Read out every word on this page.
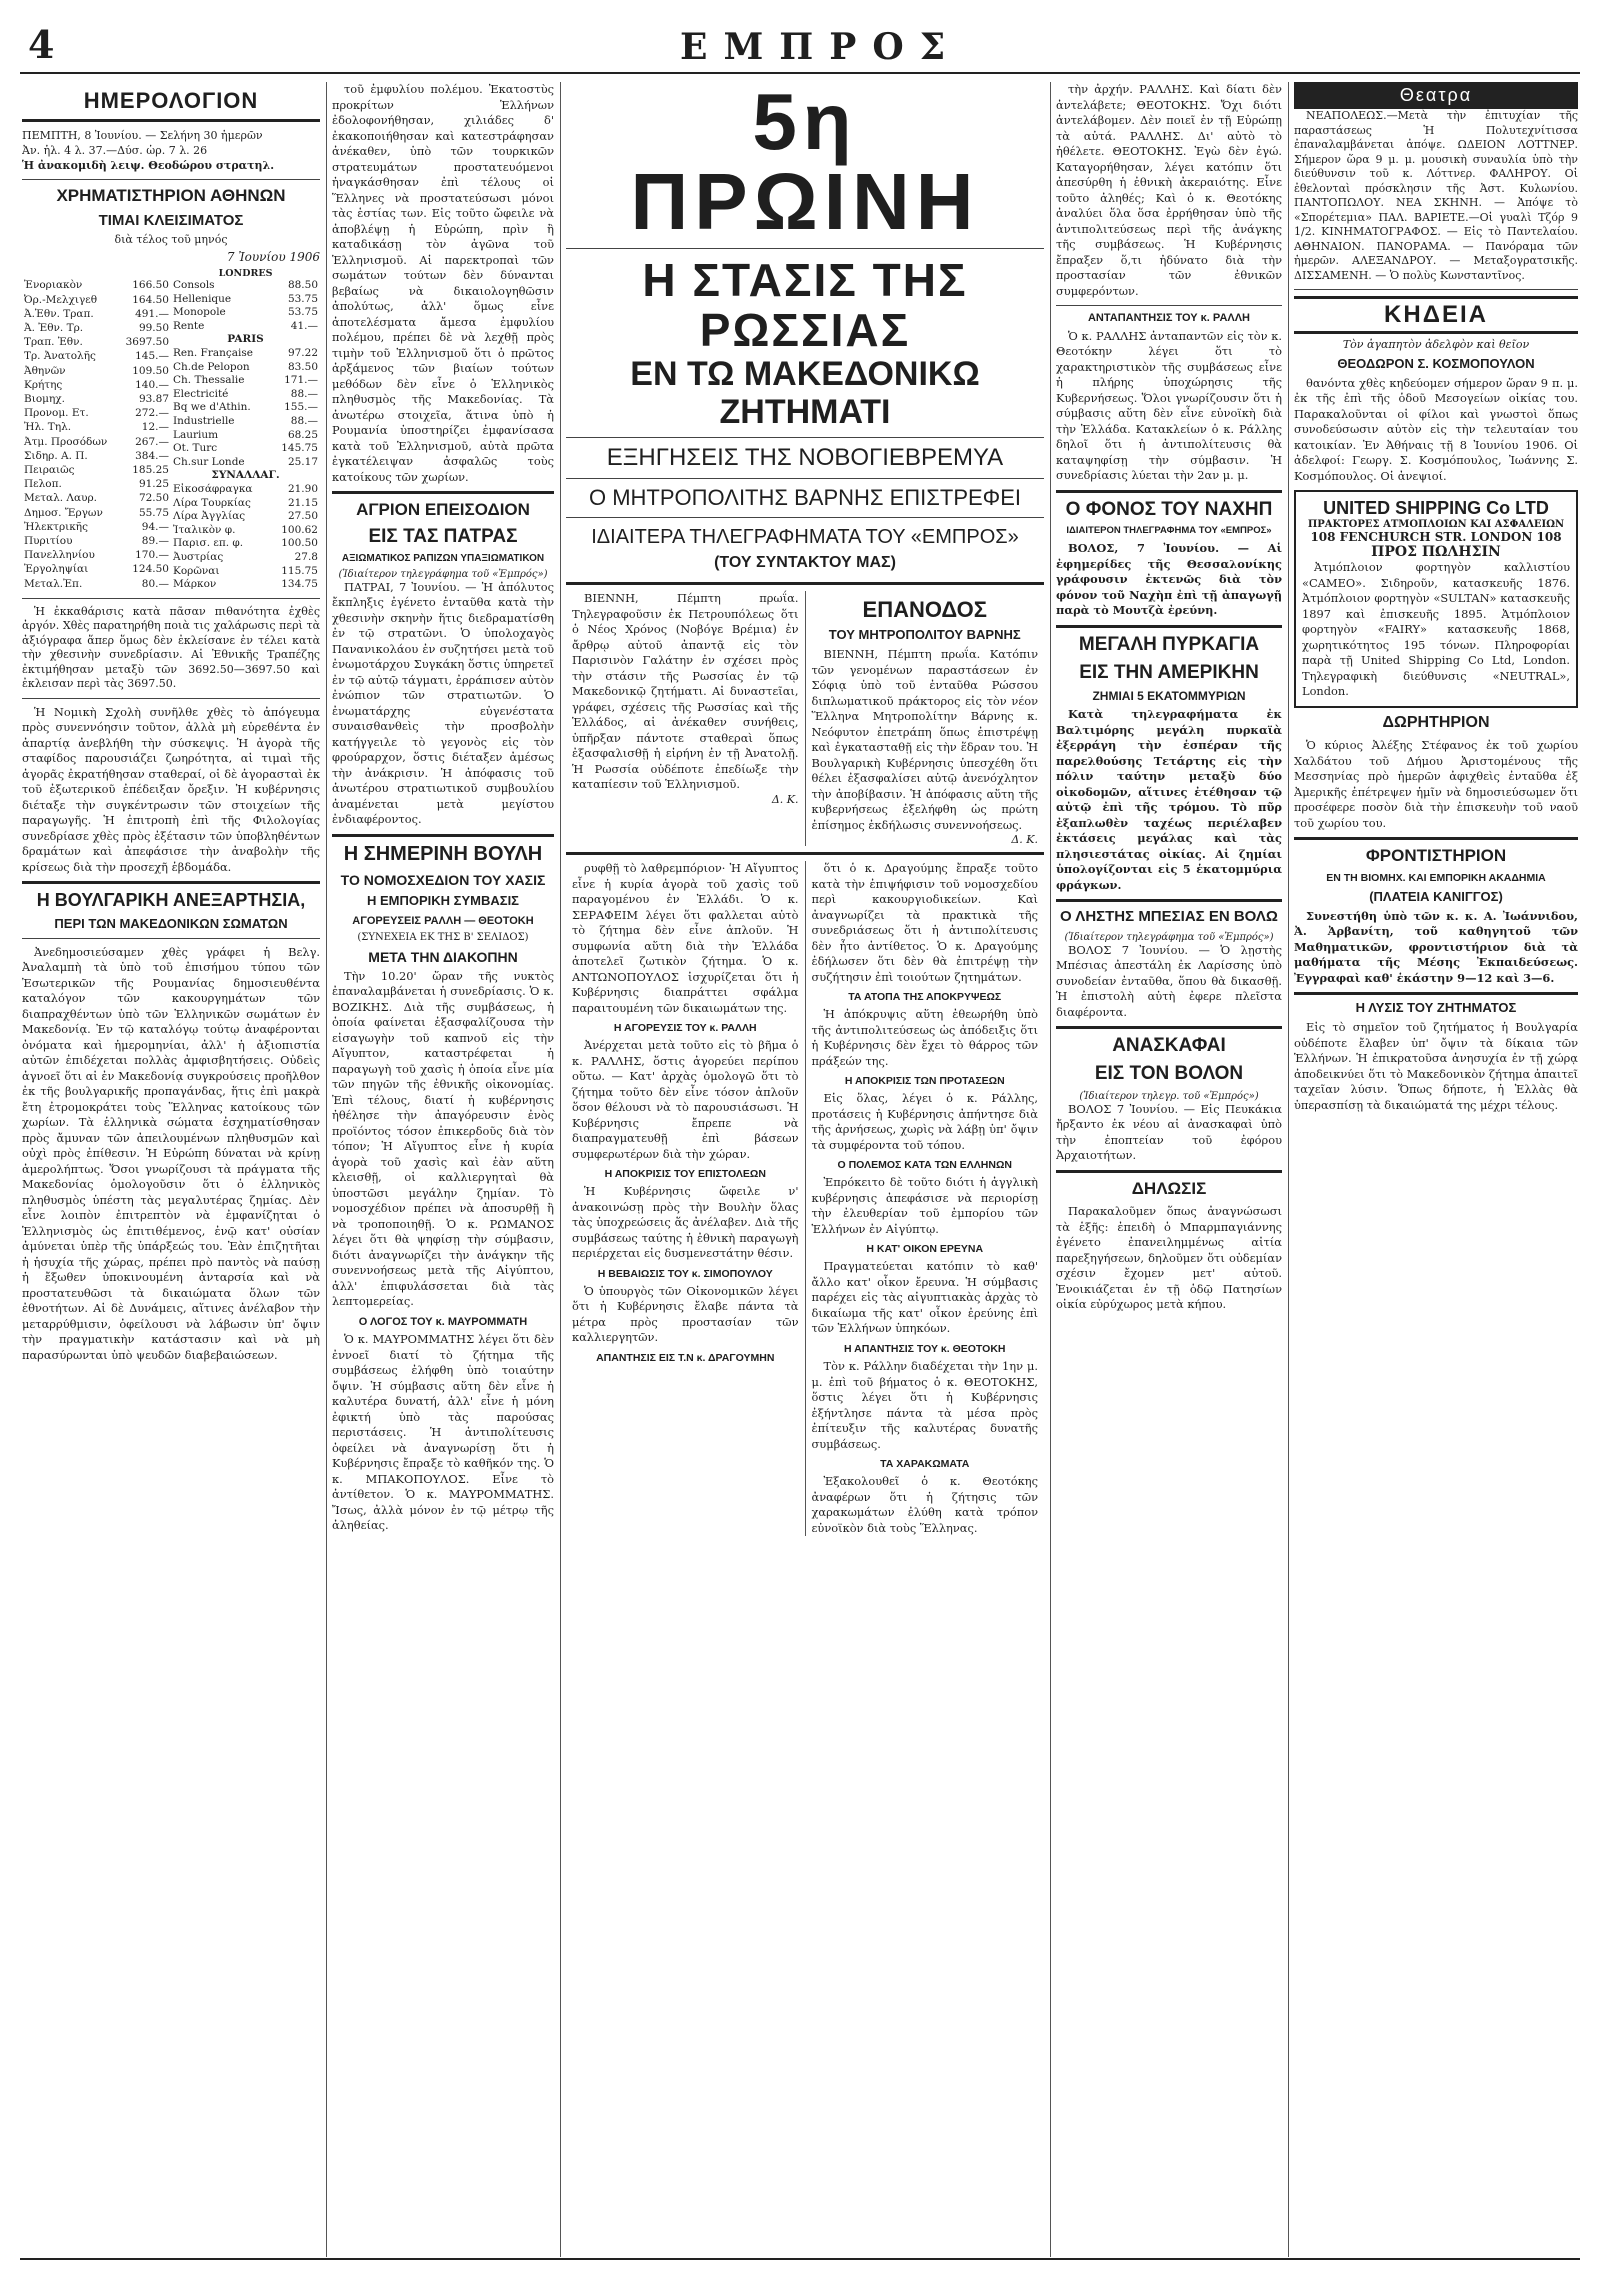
4	ΕΜΠΡΟΣ
ΗΜΕΡΟΛΟΓΙΟΝ
ΠΕΜΠΤΗ, 8 Ἰουνίου. — Σελήνη 30 ἡμερῶν
Ἀν. ἡλ. 4 λ. 37.—Δύσ. ὡρ. 7 λ. 26
Ἡ ἀνακομιδὴ λειψ. Θεοδώρου στρατηλ.
ΧΡΗΜΑΤΙΣΤΗΡΙΟΝ ΑΘΗΝΩΝ
ΤΙΜΑΙ ΚΛΕΙΣΙΜΑΤΟΣ
διὰ τέλος τοῦ μηνός
7 Ἰουνίου 1906
LONDRES
Ἐνοριακὸν	166.50
Ὀρ.-Μελχιγεθ	164.50
Ἀ.Ἐθν. Τραπ.	491.—
Ἀ. Ἐθν. Τρ.	99.50
Τραπ. Ἐθν.	3697.50
Τρ. Ἀνατολῆς	145.—
Ἀθηνῶν	109.50
Κρήτης	140.—
Βιομηχ.	93.87
Προνομ. Ετ.	272.—
Ἠλ. Τηλ.	12.—
Ἀτμ. Προσόδων	267.—
Σιδηρ. Α. Π.	384.—
Πειραιῶς	185.25
Πελοπ.	91.25
Μεταλ. Λαυρ.	72.50
Δημοσ. Ἔργων	55.75
Ἠλεκτρικῆς	94.—
Πυριτίου	89.—
Πανελληνίου	170.—
Ἐργοληψίαι	124.50
Μεταλ.Ἐπ.	80.—
Consols	88.50
Hellenique	53.75
Monopole	53.75
Rente	41.—
PARIS	
Ren. Française	97.22
Ch.de Pelopon	83.50
Ch. Thessalie	171.—
Electricité	88.—
Bq we d'Athin.	155.—
Industrielle	88.—
Laurium	68.25
Ot. Turc	145.75
Ch.sur Londe	25.17
ΣΥΝΑΛΛΑΓ.	
Εἰκοσάφραγκα	21.90
Λίρα Τουρκίας	21.15
Λίρα Ἀγγλίας	27.50
Ἰταλικὸν φ.	100.62
Παρισ. επ. φ.	100.50
Ἀυστρίας	27.8
Κορῶναι	115.75
Μάρκον	134.75

Ἡ ἐκκαθάρισις κατὰ πᾶσαν πιθανότητα ἐχθὲς ἀργόν. Χθὲς παρατηρήθη ποιὰ τις χαλάρωσις περὶ τὰ ἀξιόγραφα ἅπερ ὅμως δὲν ἐκλείσανε ἐν τέλει κατὰ τὴν χθεσινὴν συνεδρίασιν. Αἱ Ἐθνικῆς Τραπέζης ἐκτιμήθησαν μεταξὺ τῶν 3692.50—3697.50 καὶ ἐκλεισαν περὶ τὰς 3697.50.

Ἡ Νομικὴ Σχολὴ συνῆλθε χθὲς τὸ ἀπόγευμα πρὸς συνεννόησιν τοῦτον, ἀλλὰ μὴ εὑρεθέντα ἐν ἀπαρτίᾳ ἀνεβλήθη τὴν σύσκεψις. Ἡ ἀγορὰ τῆς σταφίδος παρουσιάζει ζωηρότητα, αἱ τιμαὶ τῆς ἀγορᾶς ἐκρατήθησαν σταθεραί, οἱ δὲ ἀγορασταὶ ἐκ τοῦ ἐξωτερικοῦ ἐπέδειξαν ὄρεξιν. Ἡ κυβέρνησις διέταξε τὴν συγκέντρωσιν τῶν στοιχείων τῆς παραγωγῆς. Ἡ ἐπιτροπὴ ἐπὶ τῆς Φιλολογίας συνεδρίασε χθὲς πρὸς ἐξέτασιν τῶν ὑποβληθέντων δραμάτων καὶ ἀπεφάσισε τὴν ἀναβολὴν τῆς κρίσεως διὰ τὴν προσεχῆ ἑβδομάδα.

Η ΒΟΥΛΓΑΡΙΚΗ ΑΝΕΞΑΡΤΗΣΙΑ,
ΠΕΡΙ ΤΩΝ ΜΑΚΕΔΟΝΙΚΩΝ ΣΩΜΑΤΩΝ

Ἀνεδημοσιεύσαμεν χθὲς γράφει ἡ Βελγ. Ἀναλαμπὴ τὰ ὑπὸ τοῦ ἐπισήμου τύπου τῶν Ἐσωτερικῶν τῆς Ρουμανίας δημοσιευθέντα καταλόγον τῶν κακουργημάτων τῶν διαπραχθέντων ὑπὸ τῶν Ἑλληνικῶν σωμάτων ἐν Μακεδονίᾳ. Ἐν τῷ καταλόγῳ τούτῳ ἀναφέρονται ὀνόματα καὶ ἡμερομηνίαι, ἀλλ' ἡ ἀξιοπιστία αὐτῶν ἐπιδέχεται πολλὰς ἀμφισβητήσεις. Οὐδεὶς ἀγνοεῖ ὅτι αἱ ἐν Μακεδονίᾳ συγκρούσεις προῆλθον ἐκ τῆς βουλγαρικῆς προπαγάνδας, ἥτις ἐπὶ μακρὰ ἔτη ἐτρομοκράτει τοὺς Ἕλληνας κατοίκους τῶν χωρίων. Τὰ ἑλληνικὰ σώματα ἐσχηματίσθησαν πρὸς ἄμυναν τῶν ἀπειλουμένων πληθυσμῶν καὶ οὐχὶ πρὸς ἐπίθεσιν. Ἡ Εὐρώπη δύναται νὰ κρίνῃ ἀμερολήπτως. Ὅσοι γνωρίζουσι τὰ πράγματα τῆς Μακεδονίας ὁμολογοῦσιν ὅτι ὁ ἑλληνικὸς πληθυσμὸς ὑπέστη τὰς μεγαλυτέρας ζημίας. Δὲν εἶνε λοιπὸν ἐπιτρεπτὸν νὰ ἐμφανίζηται ὁ Ἑλληνισμὸς ὡς ἐπιτιθέμενος, ἐνῷ κατ' οὐσίαν ἀμύνεται ὑπὲρ τῆς ὑπάρξεώς του. Ἐὰν ἐπιζητῆται ἡ ἡσυχία τῆς χώρας, πρέπει πρὸ παντὸς νὰ παύσῃ ἡ ἔξωθεν ὑποκινουμένη ἀνταρσία καὶ νὰ προστατευθῶσι τὰ δικαιώματα ὅλων τῶν ἐθνοτήτων. Αἱ δὲ Δυνάμεις, αἵτινες ἀνέλαβον τὴν μεταρρύθμισιν, ὀφείλουσι νὰ λάβωσιν ὑπ' ὄψιν τὴν πραγματικὴν κατάστασιν καὶ νὰ μὴ παρασύρωνται ὑπὸ ψευδῶν διαβεβαιώσεων.

τοῦ ἐμφυλίου πολέμου. Ἐκατοστὺς προκρίτων Ἑλλήνων ἐδολοφονήθησαν, χιλιάδες δ' ἐκακοποιήθησαν καὶ κατεστράφησαν ἀνέκαθεν, ὑπὸ τῶν τουρκικῶν στρατευμάτων προστατευόμενοι ἠναγκάσθησαν ἐπὶ τέλους οἱ Ἕλληνες νὰ προστατεύσωσι μόνοι τὰς ἑστίας των. Εἰς τοῦτο ὤφειλε νὰ ἀποβλέψῃ ἡ Εὐρώπη, πρὶν ἢ καταδικάσῃ τὸν ἀγῶνα τοῦ Ἑλληνισμοῦ. Αἱ παρεκτροπαὶ τῶν σωμάτων τούτων δὲν δύνανται βεβαίως νὰ δικαιολογηθῶσιν ἀπολύτως, ἀλλ' ὅμως εἶνε ἀποτελέσματα ἄμεσα ἐμφυλίου πολέμου, πρέπει δὲ νὰ λεχθῇ πρὸς τιμὴν τοῦ Ἑλληνισμοῦ ὅτι ὁ πρῶτος ἀρξάμενος τῶν βιαίων τούτων μεθόδων δὲν εἶνε ὁ Ἑλληνικὸς πληθυσμὸς τῆς Μακεδονίας. Τὰ ἀνωτέρω στοιχεῖα, ἅτινα ὑπὸ ἡ Ρουμανία ὑποστηρίζει ἐμφανίσασα κατὰ τοῦ Ἑλληνισμοῦ, αὐτὰ πρῶτα ἐγκατέλειψαν ἀσφαλῶς τοὺς κατοίκους τῶν χωρίων.

ΑΓΡΙΟΝ ΕΠΕΙΣΟΔΙΟΝ
ΕΙΣ ΤΑΣ ΠΑΤΡΑΣ
ΑΞΙΩΜΑΤΙΚΟΣ ΡΑΠΙΖΩΝ ΥΠΑΞΙΩΜΑΤΙΚΟΝ
(Ἰδιαίτερον τηλεγράφημα τοῦ «Ἐμπρός»)

ΠΑΤΡΑΙ, 7 Ἰουνίου. — Ἡ ἀπόλυτος ἔκπληξις ἐγένετο ἐνταῦθα κατὰ τὴν χθεσινὴν σκηνὴν ἥτις διεδραματίσθη ἐν τῷ στρατῶνι. Ὁ ὑπολοχαγὸς Πανανικολάου ἐν συζητήσει μετὰ τοῦ ἐνωμοτάρχου Συγκάκη ὅστις ὑπηρετεῖ ἐν τῷ αὐτῷ τάγματι, ἐρράπισεν αὐτὸν ἐνώπιον τῶν στρατιωτῶν. Ὁ ἐνωματάρχης εὐγενέστατα συναισθανθεὶς τὴν προσβολὴν κατήγγειλε τὸ γεγονὸς εἰς τὸν φρούραρχον, ὅστις διέταξεν ἀμέσως τὴν ἀνάκρισιν. Ἡ ἀπόφασις τοῦ ἀνωτέρου στρατιωτικοῦ συμβουλίου ἀναμένεται μετὰ μεγίστου ἐνδιαφέροντος.

Η ΣΗΜΕΡΙΝΗ ΒΟΥΛΗ
ΤΟ ΝΟΜΟΣΧΕΔΙΟΝ ΤΟΥ ΧΑΣΙΣ
Η ΕΜΠΟΡΙΚΗ ΣΥΜΒΑΣΙΣ
ΑΓΟΡΕΥΣΕΙΣ ΡΑΛΛΗ — ΘΕΟΤΟΚΗ
(ΣΥΝΕΧΕΙΑ ΕΚ ΤΗΣ Β' ΣΕΛΙΔΟΣ)
ΜΕΤΑ ΤΗΝ ΔΙΑΚΟΠΗΝ

Τὴν 10.20' ὥραν τῆς νυκτὸς ἐπαναλαμβάνεται ἡ συνεδρίασις. Ὁ κ. ΒΟΖΙΚΗΣ. Διὰ τῆς συμβάσεως, ἡ ὁποία φαίνεται ἐξασφαλίζουσα τὴν εἰσαγωγὴν τοῦ καπνοῦ εἰς τὴν Αἴγυπτον, καταστρέφεται ἡ παραγωγὴ τοῦ χασὶς ἡ ὁποία εἶνε μία τῶν πηγῶν τῆς ἐθνικῆς οἰκονομίας. Ἐπὶ τέλους, διατί ἡ κυβέρνησις ἠθέλησε τὴν ἀπαγόρευσιν ἐνὸς προϊόντος τόσον ἐπικερδοῦς διὰ τὸν τόπον; Ἡ Αἴγυπτος εἶνε ἡ κυρία ἀγορὰ τοῦ χασὶς καὶ ἐὰν αὕτη κλεισθῇ, οἱ καλλιεργηταὶ θὰ ὑποστῶσι μεγάλην ζημίαν. Τὸ νομοσχέδιον πρέπει νὰ ἀποσυρθῇ ἢ νὰ τροποποιηθῇ. Ὁ κ. ΡΩΜΑΝΟΣ λέγει ὅτι θὰ ψηφίσῃ τὴν σύμβασιν, διότι ἀναγνωρίζει τὴν ἀνάγκην τῆς συνεννοήσεως μετὰ τῆς Αἰγύπτου, ἀλλ' ἐπιφυλάσσεται διὰ τὰς λεπτομερείας.

Ο ΛΟΓΟΣ ΤΟΥ κ. ΜΑΥΡΟΜΜΑΤΗ

Ὁ κ. ΜΑΥΡΟΜΜΑΤΗΣ λέγει ὅτι δὲν ἐννοεῖ διατί τὸ ζήτημα τῆς συμβάσεως ἐλήφθη ὑπὸ τοιαύτην ὄψιν. Ἡ σύμβασις αὕτη δὲν εἶνε ἡ καλυτέρα δυνατή, ἀλλ' εἶνε ἡ μόνη ἐφικτή ὑπὸ τὰς παρούσας περιστάσεις. Ἡ ἀντιπολίτευσις ὀφείλει νὰ ἀναγνωρίσῃ ὅτι ἡ Κυβέρνησις ἔπραξε τὸ καθῆκόν της. Ὁ κ. ΜΠΑΚΟΠΟΥΛΟΣ. Εἶνε τὸ ἀντίθετον. Ὁ κ. ΜΑΥΡΟΜΜΑΤΗΣ. Ἴσως, ἀλλὰ μόνον ἐν τῷ μέτρῳ τῆς ἀληθείας.

5η ΠΡΩΙΝΗ
Η ΣΤΑΣΙΣ ΤΗΣ ΡΩΣΣΙΑΣ
ΕΝ ΤΩ ΜΑΚΕΔΟΝΙΚΩ ΖΗΤΗΜΑΤΙ
ΕΞΗΓΗΣΕΙΣ ΤΗΣ ΝΟΒΟΓΙΕΒΡΕΜΥΑ
Ο ΜΗΤΡΟΠΟΛΙΤΗΣ ΒΑΡΝΗΣ ΕΠΙΣΤΡΕΦΕΙ
ΙΔΙΑΙΤΕΡΑ ΤΗΛΕΓΡΑΦΗΜΑΤΑ ΤΟΥ «ΕΜΠΡΟΣ»
(ΤΟΥ ΣΥΝΤΑΚΤΟΥ ΜΑΣ)

ΒΙΕΝΝΗ, Πέμπτη πρωΐα. Τηλεγραφοῦσιν ἐκ Πετρουπόλεως ὅτι ὁ Νέος Χρόνος (Νοβόγε Βρέμια) ἐν ἄρθρῳ αὐτοῦ ἀπαντᾷ εἰς τὸν Παρισινὸν Γαλάτην ἐν σχέσει πρὸς τὴν στάσιν τῆς Ρωσσίας ἐν τῷ Μακεδονικῷ ζητήματι. Αἱ δυναστεῖαι, γράφει, σχέσεις τῆς Ρωσσίας καὶ τῆς Ἑλλάδος, αἱ ἀνέκαθεν συνήθεις, ὑπῆρξαν πάντοτε σταθεραὶ ὅπως ἐξασφαλισθῇ ἡ εἰρήνη ἐν τῇ Ἀνατολῇ. Ἡ Ρωσσία οὐδέποτε ἐπεδίωξε τὴν καταπίεσιν τοῦ Ἑλληνισμοῦ.

Δ. Κ.
ΕΠΑΝΟΔΟΣ
ΤΟΥ ΜΗΤΡΟΠΟΛΙΤΟΥ ΒΑΡΝΗΣ

ΒΙΕΝΝΗ, Πέμπτη πρωΐα. Κατόπιν τῶν γενομένων παραστάσεων ἐν Σόφιᾳ ὑπὸ τοῦ ἐνταῦθα Ρώσσου διπλωματικοῦ πράκτορος εἰς τὸν νέον Ἕλληνα Μητροπολίτην Βάρνης κ. Νεόφυτον ἐπετράπη ὅπως ἐπιστρέψῃ καὶ ἐγκατασταθῇ εἰς τὴν ἕδραν του. Ἡ Βουλγαρικὴ Κυβέρνησις ὑπεσχέθη ὅτι θέλει ἐξασφαλίσει αὐτῷ ἀνενόχλητον τὴν ἀποβίβασιν. Ἡ ἀπόφασις αὕτη τῆς κυβερνήσεως ἐξελήφθη ὡς πρώτη ἐπίσημος ἐκδήλωσις συνεννοήσεως.

Δ. Κ.

ρυφθῇ τὸ λαθρεμπόριον· Ἡ Αἴγυπτος εἶνε ἡ κυρία ἀγορὰ τοῦ χασὶς τοῦ παραγομένου ἐν Ἑλλάδι. Ὁ κ. ΣΕΡΑΦΕΙΜ λέγει ὅτι φαλλεται αὐτὸ τὸ ζήτημα δὲν εἶνε ἀπλοῦν. Ἡ συμφωνία αὕτη διὰ τὴν Ἑλλάδα ἀποτελεῖ ζωτικὸν ζήτημα. Ὁ κ. ΑΝΤΩΝΟΠΟΥΛΟΣ ἰσχυρίζεται ὅτι ἡ Κυβέρνησις διαπράττει σφάλμα παραιτουμένη τῶν δικαιωμάτων της.

Η ΑΓΟΡΕΥΣΙΣ ΤΟΥ κ. ΡΑΛΛΗ

Ἀνέρχεται μετὰ τοῦτο εἰς τὸ βῆμα ὁ κ. ΡΑΛΛΗΣ, ὅστις ἀγορεύει περίπου οὕτω. — Κατ' ἀρχὰς ὁμολογῶ ὅτι τὸ ζήτημα τοῦτο δὲν εἶνε τόσον ἀπλοῦν ὅσον θέλουσι νὰ τὸ παρουσιάσωσι. Ἡ Κυβέρνησις ἔπρεπε νὰ διαπραγματευθῇ ἐπὶ βάσεων συμφερωτέρων διὰ τὴν χώραν.

Η ΑΠΟΚΡΙΣΙΣ ΤΟΥ ΕΠΙΣΤΟΛΕΩΝ

Ἡ Κυβέρνησις ὤφειλε ν' ἀνακοινώσῃ πρὸς τὴν Βουλὴν ὅλας τὰς ὑποχρεώσεις ἅς ἀνέλαβεν. Διὰ τῆς συμβάσεως ταύτης ἡ ἐθνικὴ παραγωγὴ περιέρχεται εἰς δυσμενεστάτην θέσιν.

Η ΒΕΒΑΙΩΣΙΣ ΤΟΥ κ. ΣΙΜΟΠΟΥΛΟΥ

Ὁ ὑπουργὸς τῶν Οἰκονομικῶν λέγει ὅτι ἡ Κυβέρνησις ἔλαβε πάντα τὰ μέτρα πρὸς προστασίαν τῶν καλλιεργητῶν.

ΑΠΑΝΤΗΣΙΣ ΕΙΣ Τ.Ν κ. ΔΡΑΓΟΥΜΗΝ

ὅτι ὁ κ. Δραγούμης ἔπραξε τοῦτο κατὰ τὴν ἐπιψήφισιν τοῦ νομοσχεδίου περὶ κακουργιοδικείων. Καὶ ἀναγνωρίζει τὰ πρακτικὰ τῆς συνεδριάσεως ὅτι ἡ ἀντιπολίτευσις δὲν ἦτο ἀντίθετος. Ὁ κ. Δραγούμης ἐδήλωσεν ὅτι δὲν θὰ ἐπιτρέψῃ τὴν συζήτησιν ἐπὶ τοιούτων ζητημάτων.

ΤΑ ΑΤΟΠΑ ΤΗΣ ΑΠΟΚΡΥΨΕΩΣ

Ἡ ἀπόκρυψις αὕτη ἐθεωρήθη ὑπὸ τῆς ἀντιπολιτεύσεως ὡς ἀπόδειξις ὅτι ἡ Κυβέρνησις δὲν ἔχει τὸ θάρρος τῶν πράξεών της.

Η ΑΠΟΚΡΙΣΙΣ ΤΩΝ ΠΡΟΤΑΣΕΩΝ

Εἰς ὅλας, λέγει ὁ κ. Ράλλης, προτάσεις ἡ Κυβέρνησις ἀπήντησε διὰ τῆς ἀρνήσεως, χωρὶς νὰ λάβῃ ὑπ' ὄψιν τὰ συμφέροντα τοῦ τόπου.

Ο ΠΟΛΕΜΟΣ ΚΑΤΑ ΤΩΝ ΕΛΛΗΝΩΝ

Ἐπρόκειτο δὲ τοῦτο διότι ἡ ἀγγλικὴ κυβέρνησις ἀπεφάσισε νὰ περιορίσῃ τὴν ἐλευθερίαν τοῦ ἐμπορίου τῶν Ἑλλήνων ἐν Αἰγύπτῳ.

Η ΚΑΤ' ΟΙΚΟΝ ΕΡΕΥΝΑ

Πραγματεύεται κατόπιν τὸ καθ' ἄλλο κατ' οἶκον ἔρευνα. Ἡ σύμβασις παρέχει εἰς τὰς αἰγυπτιακὰς ἀρχὰς τὸ δικαίωμα τῆς κατ' οἶκον ἐρεύνης ἐπὶ τῶν Ἑλλήνων ὑπηκόων.

Η ΑΠΑΝΤΗΣΙΣ ΤΟΥ κ. ΘΕΟΤΟΚΗ

Τὸν κ. Ράλλην διαδέχεται τὴν 1ην μ. μ. ἐπὶ τοῦ βήματος ὁ κ. ΘΕΟΤΟΚΗΣ, ὅστις λέγει ὅτι ἡ Κυβέρνησις ἐξήντλησε πάντα τὰ μέσα πρὸς ἐπίτευξιν τῆς καλυτέρας δυνατῆς συμβάσεως.

ΤΑ ΧΑΡΑΚΩΜΑΤΑ

Ἐξακολουθεῖ ὁ κ. Θεοτόκης ἀναφέρων ὅτι ἡ ζήτησις τῶν χαρακωμάτων ἐλύθη κατὰ τρόπον εὐνοϊκὸν διὰ τοὺς Ἕλληνας.

τὴν ἀρχήν. ΡΑΛΛΗΣ. Καὶ δίατι δὲν ἀντελάβετε; ΘΕΟΤΟΚΗΣ. Ὄχι διότι ἀντελάβομεν. Δὲν ποιεῖ ἐν τῇ Εὐρώπῃ τὰ αὐτά. ΡΑΛΛΗΣ. Δι' αὐτὸ τὸ ἠθέλετε. ΘΕΟΤΟΚΗΣ. Ἐγὼ δὲν ἐγώ. Καταγορήθησαν, λέγει κατόπιν ὅτι ἀπεσύρθη ἡ ἐθνικὴ ἀκεραιότης. Εἶνε τοῦτο ἀληθές; Καὶ ὁ κ. Θεοτόκης ἀναλύει ὅλα ὅσα ἐρρήθησαν ὑπὸ τῆς ἀντιπολιτεύσεως περὶ τῆς ἀνάγκης τῆς συμβάσεως. Ἡ Κυβέρνησις ἔπραξεν ὅ,τι ἠδύνατο διὰ τὴν προστασίαν τῶν ἐθνικῶν συμφερόντων.

ΑΝΤΑΠΑΝΤΗΣΙΣ ΤΟΥ κ. ΡΑΛΛΗ

Ὁ κ. ΡΑΛΛΗΣ ἀνταπαντῶν εἰς τὸν κ. Θεοτόκην λέγει ὅτι τὸ χαρακτηριστικὸν τῆς συμβάσεως εἶνε ἡ πλήρης ὑποχώρησις τῆς Κυβερνήσεως. Ὅλοι γνωρίζουσιν ὅτι ἡ σύμβασις αὕτη δὲν εἶνε εὐνοϊκὴ διὰ τὴν Ἑλλάδα. Κατακλείων ὁ κ. Ράλλης δηλοῖ ὅτι ἡ ἀντιπολίτευσις θὰ καταψηφίσῃ τὴν σύμβασιν. Ἡ συνεδρίασις λύεται τὴν 2αν μ. μ.

Ο ΦΟΝΟΣ ΤΟΥ ΝΑΧΗΠ
ΙΔΙΑΙΤΕΡΟΝ ΤΗΛΕΓΡΑΦΗΜΑ ΤΟΥ «ΕΜΠΡΟΣ»

ΒΟΛΟΣ, 7 Ἰουνίου. — Αἱ ἐφημερίδες τῆς Θεσσαλονίκης γράφουσιν ἐκτενῶς διὰ τὸν φόνον τοῦ Ναχὴπ ἐπὶ τῇ ἀπαγωγῇ παρὰ τὸ Μουτζὰ ἐρεύνη.

ΜΕΓΑΛΗ ΠΥΡΚΑΓΙΑ
ΕΙΣ ΤΗΝ ΑΜΕΡΙΚΗΝ
ΖΗΜΙΑΙ 5 ΕΚΑΤΟΜΜΥΡΙΩΝ

Κατὰ τηλεγραφήματα ἐκ Βαλτιμόρης μεγάλη πυρκαϊὰ ἐξερράγη τὴν ἑσπέραν τῆς παρελθούσης Τετάρτης εἰς τὴν πόλιν ταύτην μεταξὺ δύο οἰκοδομῶν, αἵτινες ἐτέθησαν τῷ αὐτῷ ἐπὶ τῆς τρόμου. Τὸ πῦρ ἐξαπλωθὲν ταχέως περιέλαβεν ἐκτάσεις μεγάλας καὶ τὰς πλησιεστάτας οἰκίας. Αἱ ζημίαι ὑπολογίζονται εἰς 5 ἑκατομμύρια φράγκων.

Ο ΛΗΣΤΗΣ ΜΠΕΣΙΑΣ ΕΝ ΒΟΛΩ
(Ἰδιαίτερον τηλεγράφημα τοῦ «Ἐμπρός»)

ΒΟΛΟΣ 7 Ἰουνίου. — Ὁ λῃστὴς Μπέσιας ἀπεστάλη ἐκ Λαρίσσης ὑπὸ συνοδείαν ἐνταῦθα, ὅπου θὰ δικασθῇ. Ἡ ἐπιστολὴ αὐτὴ ἐφερε πλεῖστα διαφέροντα.

ΑΝΑΣΚΑΦΑΙ
ΕΙΣ ΤΟΝ ΒΟΛΟΝ
(Ἰδιαίτερον τηλεγρ. τοῦ «Ἐμπρός»)

ΒΟΛΟΣ 7 Ἰουνίου. — Εἰς Πευκάκια ἤρξαντο ἐκ νέου αἱ ἀνασκαφαὶ ὑπὸ τὴν ἐποπτείαν τοῦ ἐφόρου Ἀρχαιοτήτων.

ΔΗΛΩΣΙΣ

Παρακαλοῦμεν ὅπως ἀναγνώσωσι τὰ ἑξῆς: ἐπειδὴ ὁ Μπαρμπαγιάννης ἐγένετο ἐπανειλημμένως αἰτία παρεξηγήσεων, δηλοῦμεν ὅτι οὐδεμίαν σχέσιν ἔχομεν μετ' αὐτοῦ. Ἐνοικιάζεται ἐν τῇ ὁδῷ Πατησίων οἰκία εὐρύχωρος μετὰ κήπου.

Θεατρα

ΝΕΑΠΟΛΕΩΣ.—Μετὰ τὴν ἐπιτυχίαν τῆς παραστάσεως Ἡ Πολυτεχνίτισσα ἐπαναλαμβάνεται ἀπόψε. ΩΔΕΙΟΝ ΛΟΤΤΝΕΡ. Σήμερον ὥρα 9 μ. μ. μουσικὴ συναυλία ὑπὸ τὴν διεύθυνσιν τοῦ κ. Λόττνερ. ΦΑΛΗΡΟΥ. Οἱ ἐθελονταὶ πρόσκλησιν τῆς Ἀστ. Κυλωνίου. ΠΑΝΤΟΠΩΛΟΥ. ΝΕΑ ΣΚΗΝΗ. — Ἀπόψε τὸ «Σπορέτεμια» ΠΑΛ. ΒΑΡΙΕΤΕ.—Οἱ γυαλὶ Τζόρ 9 1/2. ΚΙΝΗΜΑΤΟΓΡΑΦΟΣ. — Εἰς τὸ Παντελαίου. ΑΘΗΝΑΙΟΝ. ΠΑΝΟΡΑΜΑ. — Πανόραμα τῶν ἡμερῶν. ΑΛΕΞΑΝΔΡΟΥ. — Μεταξογρατσικῆς. ΔΙΣΣΑΜΕΝΗ. — Ὁ πολὺς Κωνσταντῖνος.

ΚΗΔΕΙΑ
Τὸν ἀγαπητὸν ἀδελφὸν καὶ θεῖον
ΘΕΟΔΩΡΟΝ Σ. ΚΟΣΜΟΠΟΥΛΟΝ

θανόντα χθὲς κηδεύομεν σήμερον ὥραν 9 π. μ. ἐκ τῆς ἐπὶ τῆς ὁδοῦ Μεσογείων οἰκίας του. Παρακαλοῦνται οἱ φίλοι καὶ γνωστοὶ ὅπως συνοδεύσωσιν αὐτὸν εἰς τὴν τελευταίαν του κατοικίαν. Ἐν Ἀθήναις τῇ 8 Ἰουνίου 1906. Οἱ ἀδελφοί: Γεωργ. Σ. Κοσμόπουλος, Ἰωάννης Σ. Κοσμόπουλος. Οἱ ἀνεψιοί.

UNITED SHIPPING Co LTD
ΠΡΑΚΤΟΡΕΣ ΑΤΜΟΠΛΟΙΩΝ ΚΑΙ ΑΣΦΑΛΕΙΩΝ
108 FENCHURCH STR. LONDON 108
ΠΡΟΣ ΠΩΛΗΣΙΝ

Ἀτμόπλοιον φορτηγὸν καλλιστίου «CAMEO». Σιδηροῦν, κατασκευῆς 1876. Ἀτμόπλοιον φορτηγὸν «SULTAN» κατασκευῆς 1897 καὶ ἐπισκευῆς 1895. Ἀτμόπλοιον φορτηγὸν «FAIRY» κατασκευῆς 1868, χωρητικότητος 195 τόνων. Πληροφορίαι παρὰ τῇ United Shipping Co Ltd, London. Τηλεγραφικὴ διεύθυνσις «NEUTRAL», London.

ΔΩΡΗΤΗΡΙΟΝ

Ὁ κύριος Ἀλέξης Στέφανος ἐκ τοῦ χωρίου Χαλδάτου τοῦ Δήμου Ἀριστομένους τῆς Μεσσηνίας πρὸ ἡμερῶν ἀφιχθεὶς ἐνταῦθα ἐξ Ἀμερικῆς ἐπέτρεψεν ἡμῖν νὰ δημοσιεύσωμεν ὅτι προσέφερε ποσὸν διὰ τὴν ἐπισκευὴν τοῦ ναοῦ τοῦ χωρίου του.

ΦΡΟΝΤΙΣΤΗΡΙΟΝ
ΕΝ ΤΗ ΒΙΟΜΗΧ. ΚΑΙ ΕΜΠΟΡΙΚΗ ΑΚΑΔΗΜΙΑ
(ΠΛΑΤΕΙΑ ΚΑΝΙΓΓΟΣ)

Συνεστήθη ὑπὸ τῶν κ. κ. Α. Ἰωάννιδου, Ἀ. Ἀρβανίτη, τοῦ καθηγητοῦ τῶν Μαθηματικῶν, φροντιστήριον διὰ τὰ μαθήματα τῆς Μέσης Ἐκπαιδεύσεως. Ἐγγραφαὶ καθ' ἑκάστην 9—12 καὶ 3—6.

Η ΛΥΣΙΣ ΤΟΥ ΖΗΤΗΜΑΤΟΣ

Εἰς τὸ σημεῖον τοῦ ζητήματος ἡ Βουλγαρία οὐδέποτε ἔλαβεν ὑπ' ὄψιν τὰ δίκαια τῶν Ἑλλήνων. Ἡ ἐπικρατοῦσα ἀνησυχία ἐν τῇ χώρᾳ ἀποδεικνύει ὅτι τὸ Μακεδονικὸν ζήτημα ἀπαιτεῖ ταχεῖαν λύσιν. Ὅπως δήποτε, ἡ Ἑλλὰς θὰ ὑπερασπίσῃ τὰ δικαιώματά της μέχρι τέλους.
